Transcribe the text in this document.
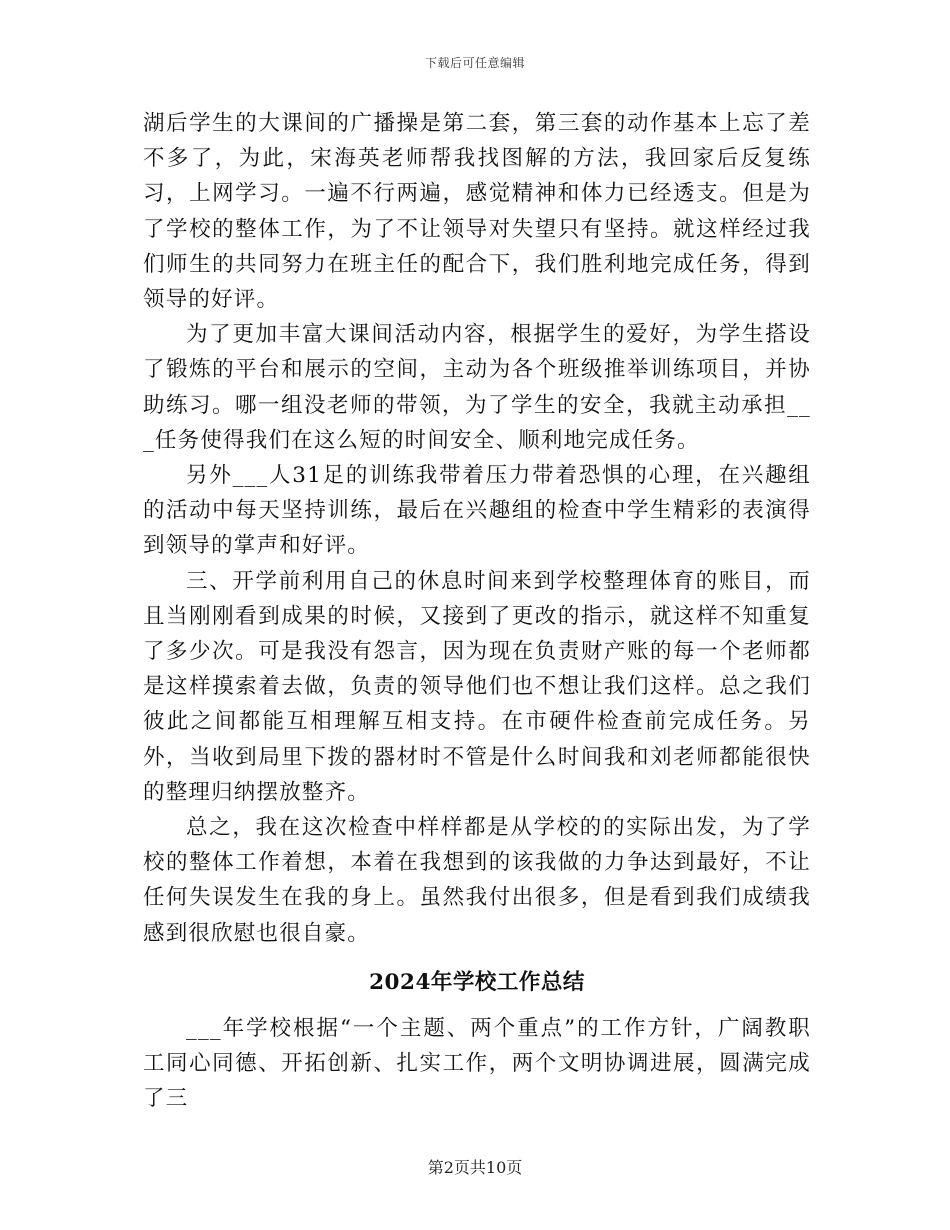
下载后可任意编辑

湖后学生的大课间的广播操是第二套，第三套的动作基本上忘了差不多了，为此，宋海英老师帮我找图解的方法，我回家后反复练习，上网学习。一遍不行两遍，感觉精神和体力已经透支。但是为了学校的整体工作，为了不让领导对失望只有坚持。就这样经过我们师生的共同努力在班主任的配合下，我们胜利地完成任务，得到领导的好评。

为了更加丰富大课间活动内容，根据学生的爱好，为学生搭设了锻炼的平台和展示的空间，主动为各个班级推举训练项目，并协助练习。哪一组没老师的带领，为了学生的安全，我就主动承担___任务使得我们在这么短的时间安全、顺利地完成任务。

另外___人31足的训练我带着压力带着恐惧的心理，在兴趣组的活动中每天坚持训练，最后在兴趣组的检查中学生精彩的表演得到领导的掌声和好评。

三、开学前利用自己的休息时间来到学校整理体育的账目，而且当刚刚看到成果的时候，又接到了更改的指示，就这样不知重复了多少次。可是我没有怨言，因为现在负责财产账的每一个老师都是这样摸索着去做，负责的领导他们也不想让我们这样。总之我们彼此之间都能互相理解互相支持。在市硬件检查前完成任务。另外，当收到局里下拨的器材时不管是什么时间我和刘老师都能很快的整理归纳摆放整齐。

总之，我在这次检查中样样都是从学校的的实际出发，为了学校的整体工作着想，本着在我想到的该我做的力争达到最好，不让任何失误发生在我的身上。虽然我付出很多，但是看到我们成绩我感到很欣慰也很自豪。

2024年学校工作总结

___年学校根据“一个主题、两个重点”的工作方针，广阔教职工同心同德、开拓创新、扎实工作，两个文明协调进展，圆满完成了三

第2页共10页
